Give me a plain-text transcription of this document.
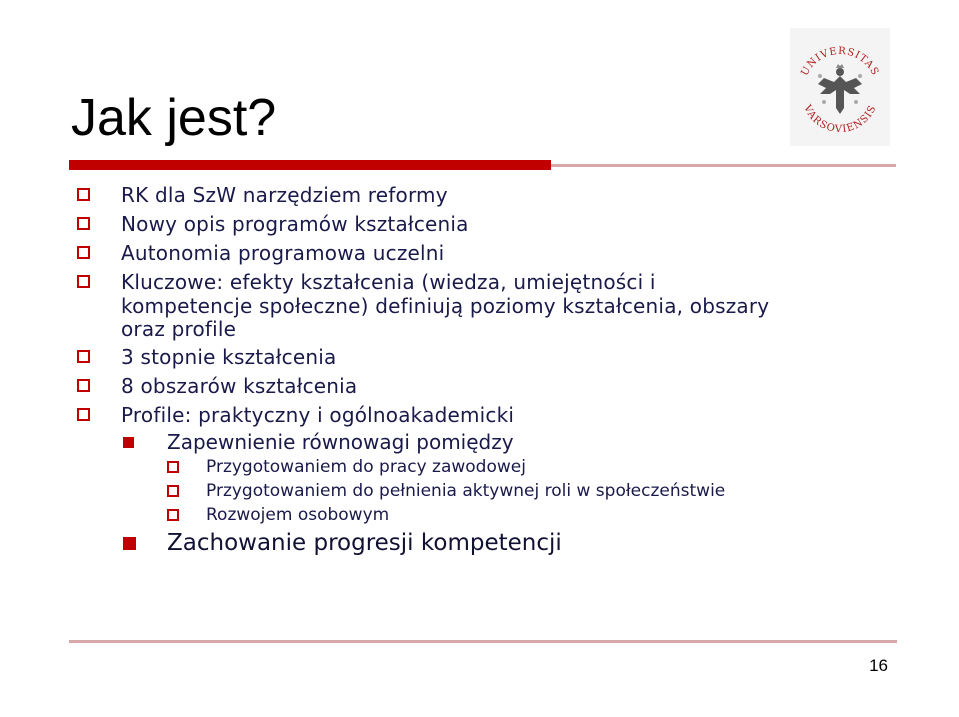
Jak jest?
UNIVERSITAS
VARSOVIENSIS
RK dla SzW narzędziem reformy
Nowy opis programów kształcenia
Autonomia programowa uczelni
Kluczowe: efekty kształcenia (wiedza, umiejętności i
kompetencje społeczne) definiują poziomy kształcenia, obszary
oraz profile
3 stopnie kształcenia
8 obszarów kształcenia
Profile: praktyczny i ogólnoakademicki
Zapewnienie równowagi pomiędzy
Przygotowaniem do pracy zawodowej
Przygotowaniem do pełnienia aktywnej roli w społeczeństwie
Rozwojem osobowym
Zachowanie progresji kompetencji
16
